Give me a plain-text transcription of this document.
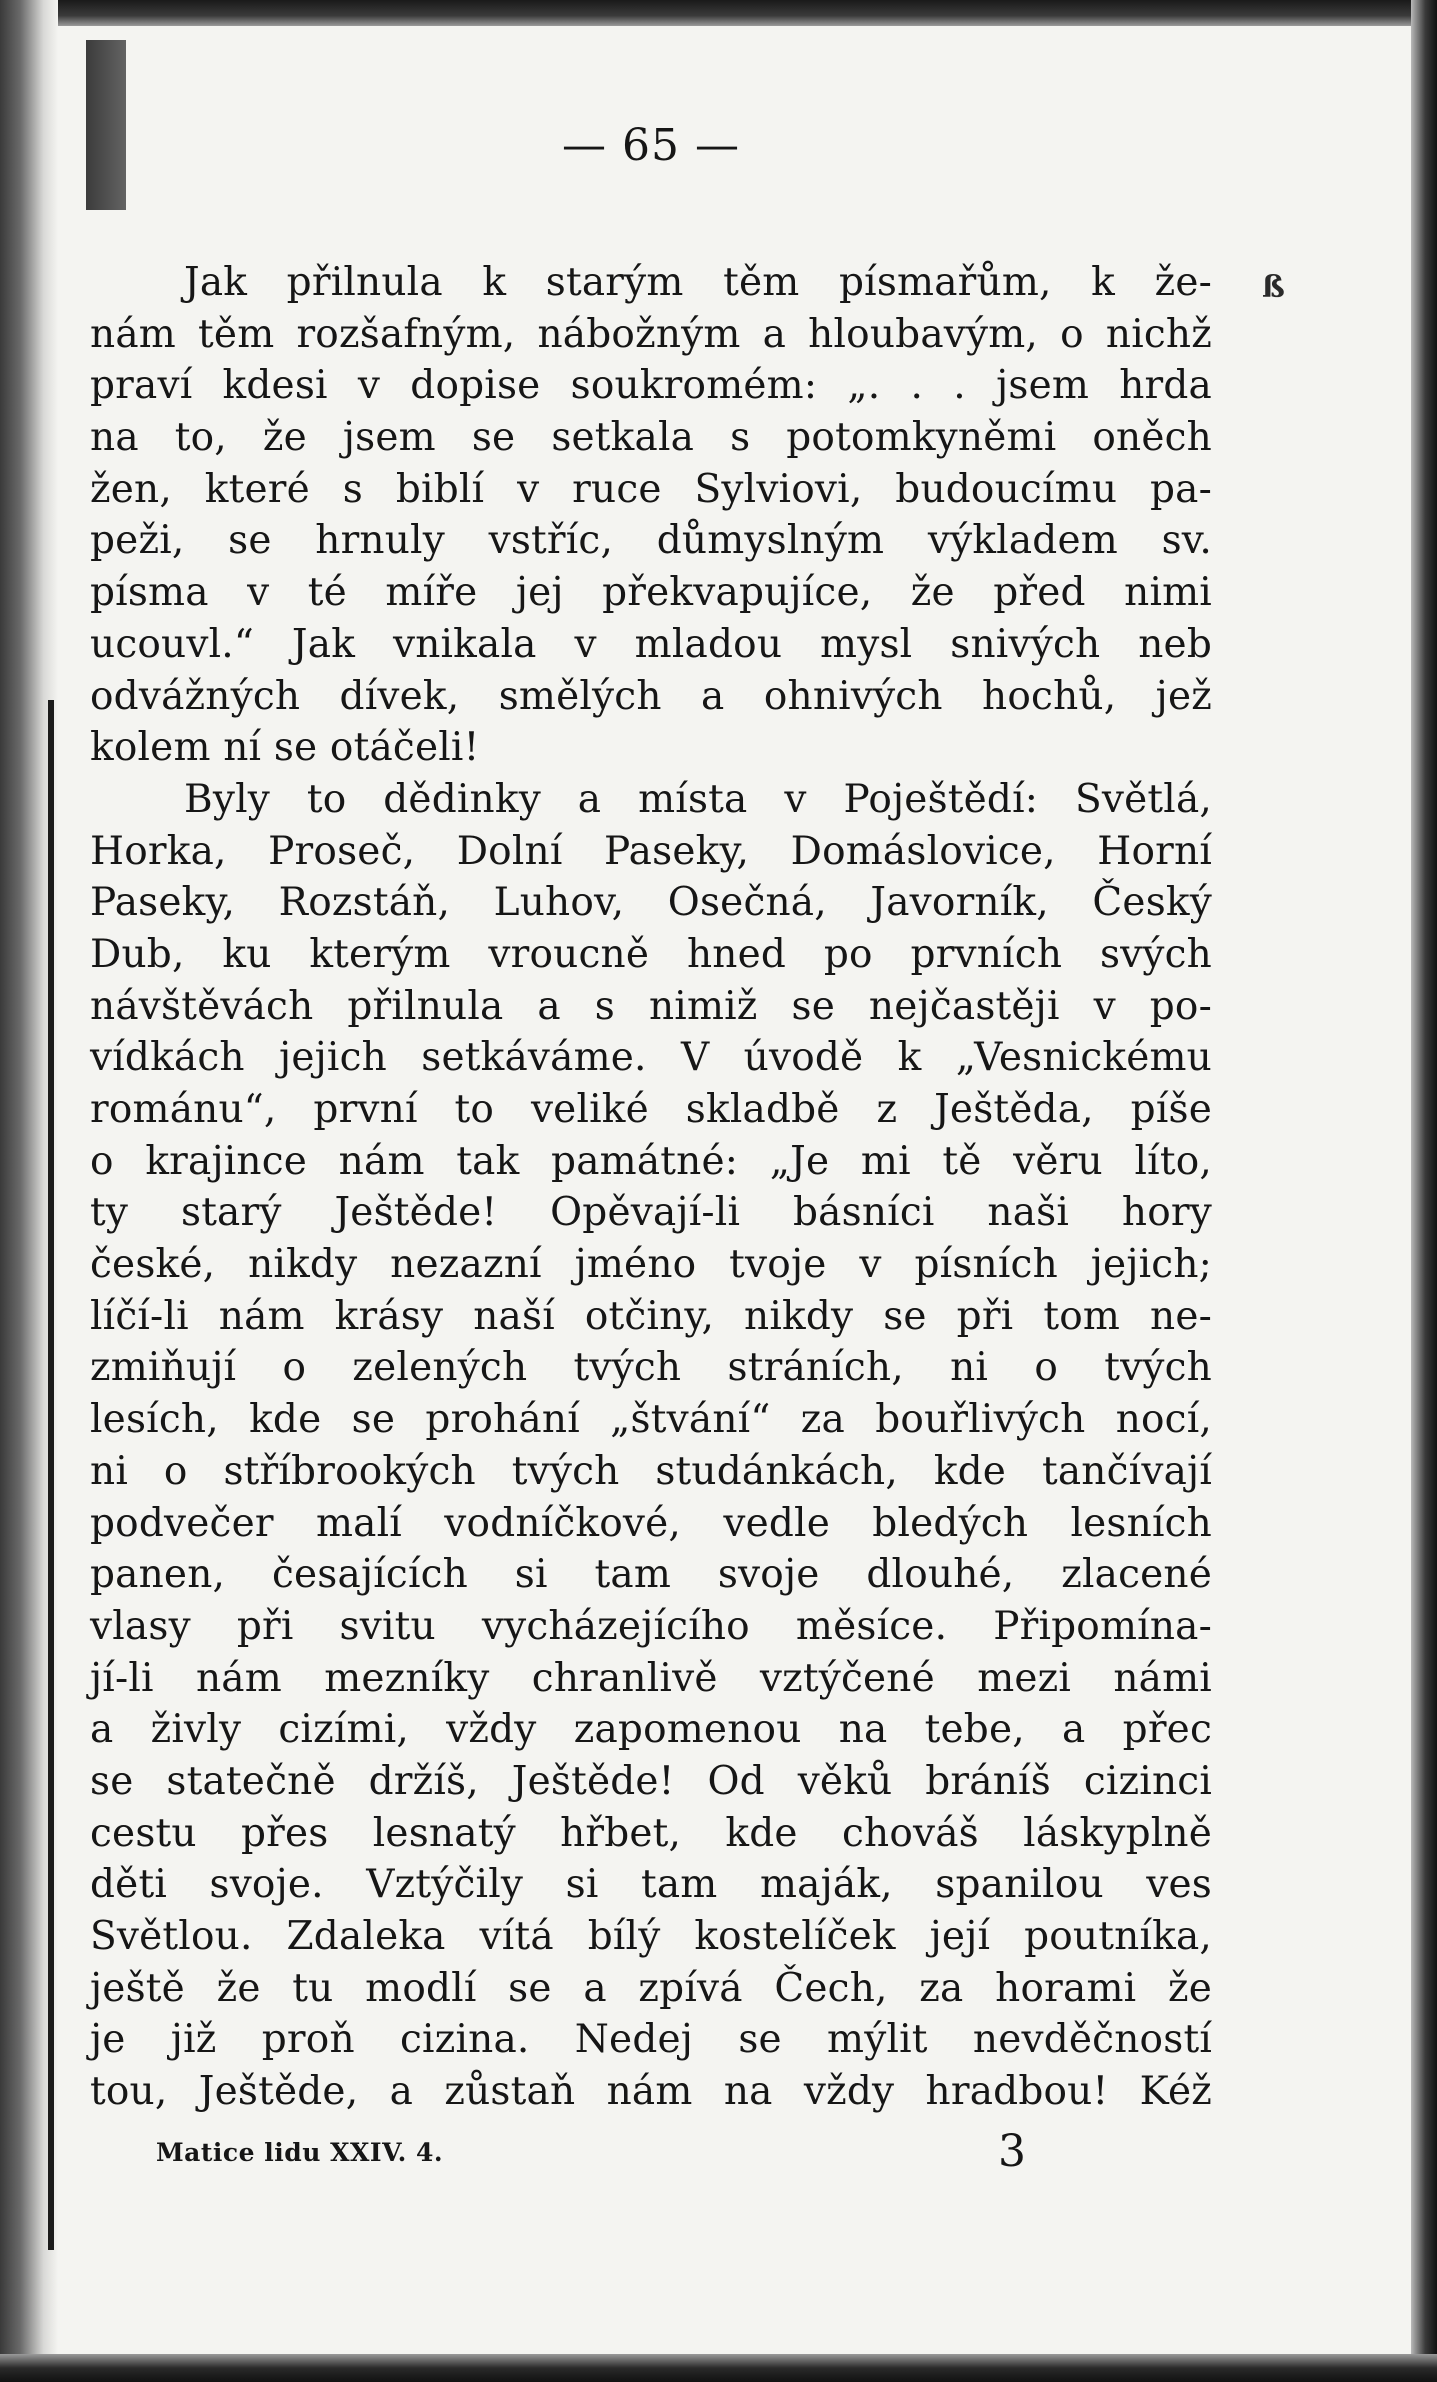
ß
— 65 —
Jak přilnula k starým těm písmařům, k že-
nám těm rozšafným, nábožným a hloubavým, o nichž
praví kdesi v dopise soukromém: „. . . jsem hrda
na to, že jsem se setkala s potomkyněmi oněch
žen, které s biblí v ruce Sylviovi, budoucímu pa-
peži, se hrnuly vstříc, důmyslným výkladem sv.
písma v té míře jej překvapujíce, že před nimi
ucouvl.“ Jak vnikala v mladou mysl snivých neb
odvážných dívek, smělých a ohnivých hochů, jež
kolem ní se otáčeli!
Byly to dědinky a místa v Poještědí: Světlá,
Horka, Proseč, Dolní Paseky, Domáslovice, Horní
Paseky, Rozstáň, Luhov, Osečná, Javorník, Český
Dub, ku kterým vroucně hned po prvních svých
návštěvách přilnula a s nimiž se nejčastěji v po-
vídkách jejich setkáváme. V úvodě k „Vesnickému
románu“, první to veliké skladbě z Ještěda, píše
o krajince nám tak památné: „Je mi tě věru líto,
ty starý Ještěde! Opěvají-li básníci naši hory
české, nikdy nezazní jméno tvoje v písních jejich;
líčí-li nám krásy naší otčiny, nikdy se při tom ne-
zmiňují o zelených tvých stráních, ni o tvých
lesích, kde se prohání „štvání“ za bouřlivých nocí,
ni o stříbrookých tvých studánkách, kde tančívají
podvečer malí vodníčkové, vedle bledých lesních
panen, česajících si tam svoje dlouhé, zlacené
vlasy při svitu vycházejícího měsíce. Připomína-
jí-li nám mezníky chranlivě vztýčené mezi námi
a živly cizími, vždy zapomenou na tebe, a přec
se statečně držíš, Ještěde! Od věků bráníš cizinci
cestu přes lesnatý hřbet, kde chováš láskyplně
děti svoje. Vztýčily si tam maják, spanilou ves
Světlou. Zdaleka vítá bílý kostelíček její poutníka,
ještě že tu modlí se a zpívá Čech, za horami že
je již proň cizina. Nedej se mýlit nevděčností
tou, Ještěde, a zůstaň nám na vždy hradbou! Kéž
Matice lidu XXIV. 4.	3
